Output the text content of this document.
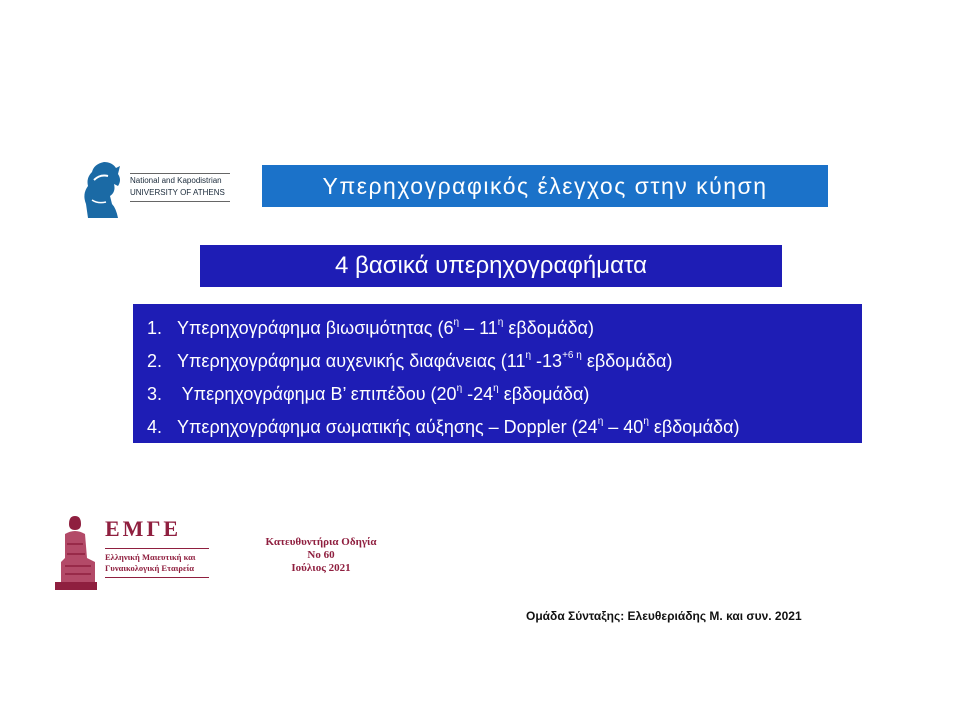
National and Kapodistrian
UNIVERSITY OF ATHENS	Υπερηχογραφικός έλεγχος στην κύηση
4 βασικά υπερηχογραφήματα
1. Υπερηχογράφημα βιωσιμότητας ($6^\eta - 11^\eta$ εβδομάδα)
2. Υπερηχογράφημα αυχενικής διαφάνειας ($11^\eta$ $-13^{+6 \eta}$ εβδομάδα)
3. Υπερηχογράφημα Β’ επιπέδου ($20^\eta$ $-24^\eta$ εβδομάδα)
4. Υπερηχογράφημα σωματικής αύξησης – Doppler ($24^\eta - 40^\eta$ εβδομάδα)
ΕΜΓΕ
Ελληνική Μαιευτική και
Γυναικολογική Εταιρεία
Κατευθυντήρια Οδηγία
Νο 60
Ιούλιος 2021
Ομάδα Σύνταξης: Ελευθεριάδης Μ. και συν. 2021
